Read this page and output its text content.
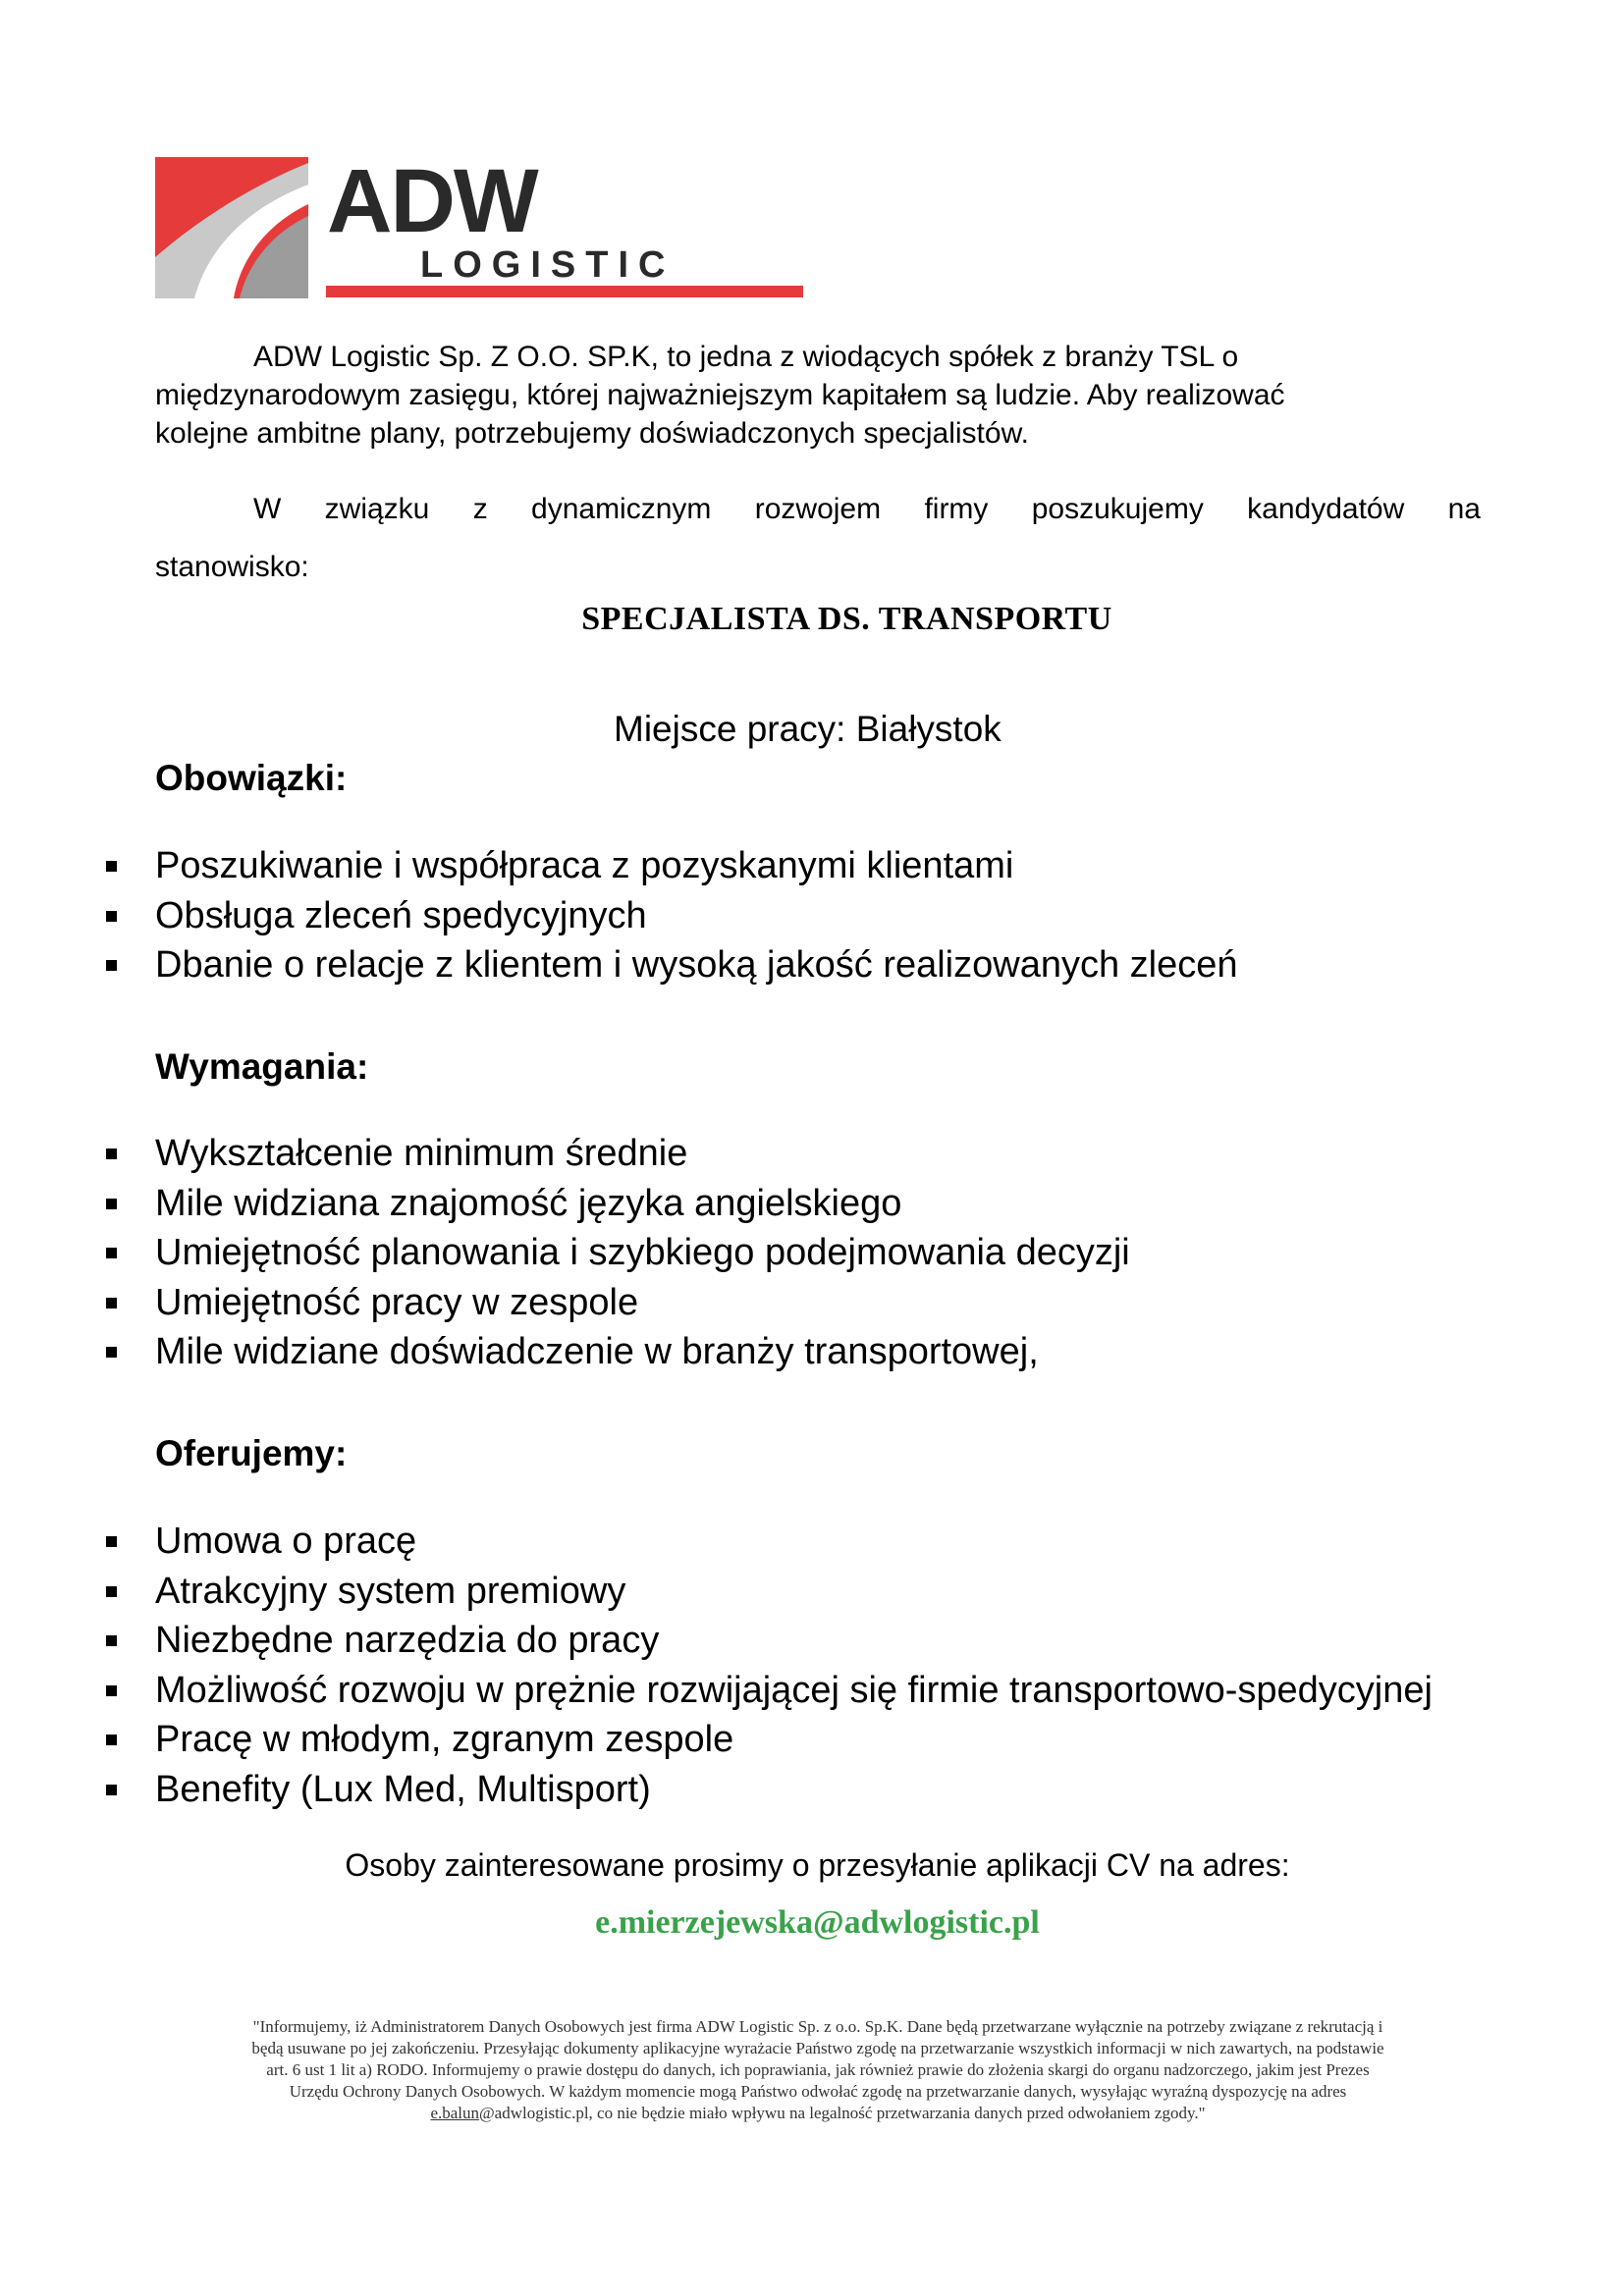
ADW
LOGISTIC
ADW Logistic Sp. Z O.O. SP.K, to jedna z wiodących spółek z branży TSL o
międzynarodowym zasięgu, której najważniejszym kapitałem są ludzie. Aby realizować
kolejne ambitne plany, potrzebujemy doświadczonych specjalistów.
W związku z dynamicznym rozwojem firmy poszukujemy kandydatów na
stanowisko:
SPECJALISTA DS. TRANSPORTU
Miejsce pracy: Białystok
Obowiązki:
Poszukiwanie i współpraca z pozyskanymi klientami
Obsługa zleceń spedycyjnych
Dbanie o relacje z klientem i wysoką jakość realizowanych zleceń
Wymagania:
Wykształcenie minimum średnie
Mile widziana znajomość języka angielskiego
Umiejętność planowania i szybkiego podejmowania decyzji
Umiejętność pracy w zespole
Mile widziane doświadczenie w branży transportowej,
Oferujemy:
Umowa o pracę
Atrakcyjny system premiowy
Niezbędne narzędzia do pracy
Możliwość rozwoju w prężnie rozwijającej się firmie transportowo-spedycyjnej
Pracę w młodym, zgranym zespole
Benefity (Lux Med, Multisport)
Osoby zainteresowane prosimy o przesyłanie aplikacji CV na adres:
e.mierzejewska@adwlogistic.pl
"Informujemy, iż Administratorem Danych Osobowych jest firma ADW Logistic Sp. z o.o. Sp.K. Dane będą przetwarzane wyłącznie na potrzeby związane z rekrutacją i
będą usuwane po jej zakończeniu. Przesyłając dokumenty aplikacyjne wyrażacie Państwo zgodę na przetwarzanie wszystkich informacji w nich zawartych, na podstawie
art. 6 ust 1 lit a) RODO. Informujemy o prawie dostępu do danych, ich poprawiania, jak również prawie do złożenia skargi do organu nadzorczego, jakim jest Prezes
Urzędu Ochrony Danych Osobowych. W każdym momencie mogą Państwo odwołać zgodę na przetwarzanie danych, wysyłając wyraźną dyspozycję na adres
e.balun@adwlogistic.pl, co nie będzie miało wpływu na legalność przetwarzania danych przed odwołaniem zgody."
